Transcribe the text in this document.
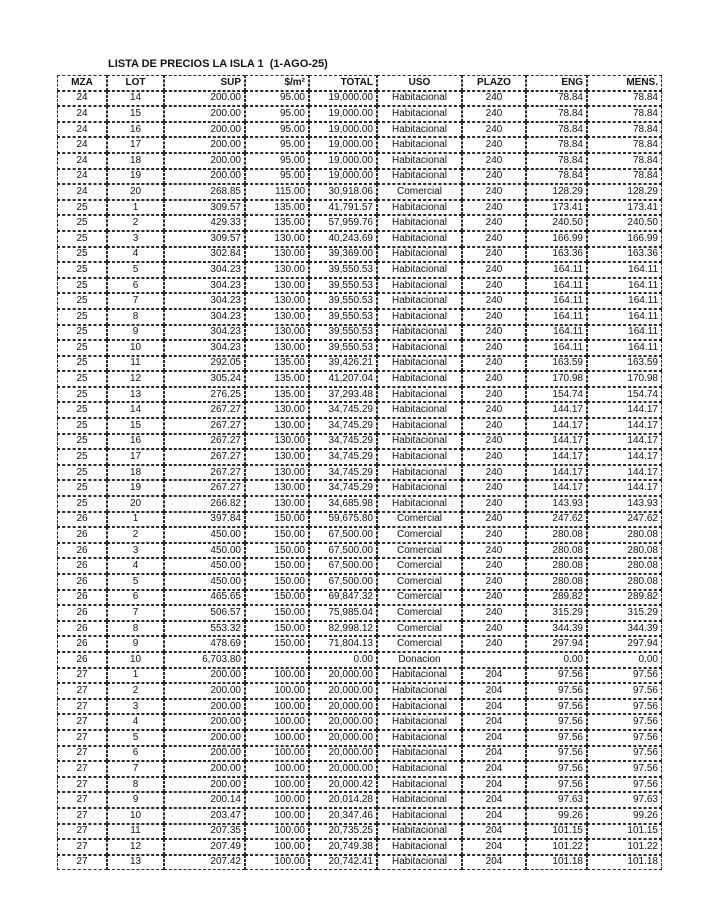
LISTA DE PRECIOS LA ISLA 1  (1-AGO-25)
MZA	LOT	SUP	$/m²	TOTAL	USO	PLAZO	ENG	MENS.
24	14	200.00	95.00	19,000.00	Habitacional	240	78.84	78.84
24	15	200.00	95.00	19,000.00	Habitacional	240	78.84	78.84
24	16	200.00	95.00	19,000.00	Habitacional	240	78.84	78.84
24	17	200.00	95.00	19,000.00	Habitacional	240	78.84	78.84
24	18	200.00	95.00	19,000.00	Habitacional	240	78.84	78.84
24	19	200.00	95.00	19,000.00	Habitacional	240	78.84	78.84
24	20	268.85	115.00	30,918.06	Comercial	240	128.29	128.29
25	1	309.57	135.00	41,791.57	Habitacional	240	173.41	173.41
25	2	429.33	135.00	57,959.76	Habitacional	240	240.50	240.50
25	3	309.57	130.00	40,243.69	Habitacional	240	166.99	166.99
25	4	302.84	130.00	39,369.00	Habitacional	240	163.36	163.36
25	5	304.23	130.00	39,550.53	Habitacional	240	164.11	164.11
25	6	304.23	130.00	39,550.53	Habitacional	240	164.11	164.11
25	7	304.23	130.00	39,550.53	Habitacional	240	164.11	164.11
25	8	304.23	130.00	39,550.53	Habitacional	240	164.11	164.11
25	9	304.23	130.00	39,550.53	Habitacional	240	164.11	164.11
25	10	304.23	130.00	39,550.53	Habitacional	240	164.11	164.11
25	11	292.05	135.00	39,426.21	Habitacional	240	163.59	163.59
25	12	305.24	135.00	41,207.04	Habitacional	240	170.98	170.98
25	13	276.25	135.00	37,293.48	Habitacional	240	154.74	154.74
25	14	267.27	130.00	34,745.29	Habitacional	240	144.17	144.17
25	15	267.27	130.00	34,745.29	Habitacional	240	144.17	144.17
25	16	267.27	130.00	34,745.29	Habitacional	240	144.17	144.17
25	17	267.27	130.00	34,745.29	Habitacional	240	144.17	144.17
25	18	267.27	130.00	34,745.29	Habitacional	240	144.17	144.17
25	19	267.27	130.00	34,745.29	Habitacional	240	144.17	144.17
25	20	266.82	130.00	34,685.98	Habitacional	240	143.93	143.93
26	1	397.84	150.00	59,675.80	Comercial	240	247.62	247.62
26	2	450.00	150.00	67,500.00	Comercial	240	280.08	280.08
26	3	450.00	150.00	67,500.00	Comercial	240	280.08	280.08
26	4	450.00	150.00	67,500.00	Comercial	240	280.08	280.08
26	5	450.00	150.00	67,500.00	Comercial	240	280.08	280.08
26	6	465.65	150.00	69,847.32	Comercial	240	289.82	289.82
26	7	506.57	150.00	75,985.04	Comercial	240	315.29	315.29
26	8	553.32	150.00	82,998.12	Comercial	240	344.39	344.39
26	9	478.69	150.00	71,804.13	Comercial	240	297.94	297.94
26	10	6,703.80		0.00	Donacion		0.00	0.00
27	1	200.00	100.00	20,000.00	Habitacional	204	97.56	97.56
27	2	200.00	100.00	20,000.00	Habitacional	204	97.56	97.56
27	3	200.00	100.00	20,000.00	Habitacional	204	97.56	97.56
27	4	200.00	100.00	20,000.00	Habitacional	204	97.56	97.56
27	5	200.00	100.00	20,000.00	Habitacional	204	97.56	97.56
27	6	200.00	100.00	20,000.00	Habitacional	204	97.56	97.56
27	7	200.00	100.00	20,000.00	Habitacional	204	97.56	97.56
27	8	200.00	100.00	20,000.42	Habitacional	204	97.56	97.56
27	9	200.14	100.00	20,014.28	Habitacional	204	97.63	97.63
27	10	203.47	100.00	20,347.46	Habitacional	204	99.26	99.26
27	11	207.35	100.00	20,735.25	Habitacional	204	101.15	101.15
27	12	207.49	100.00	20,749.38	Habitacional	204	101.22	101.22
27	13	207.42	100.00	20,742.41	Habitacional	204	101.18	101.18
